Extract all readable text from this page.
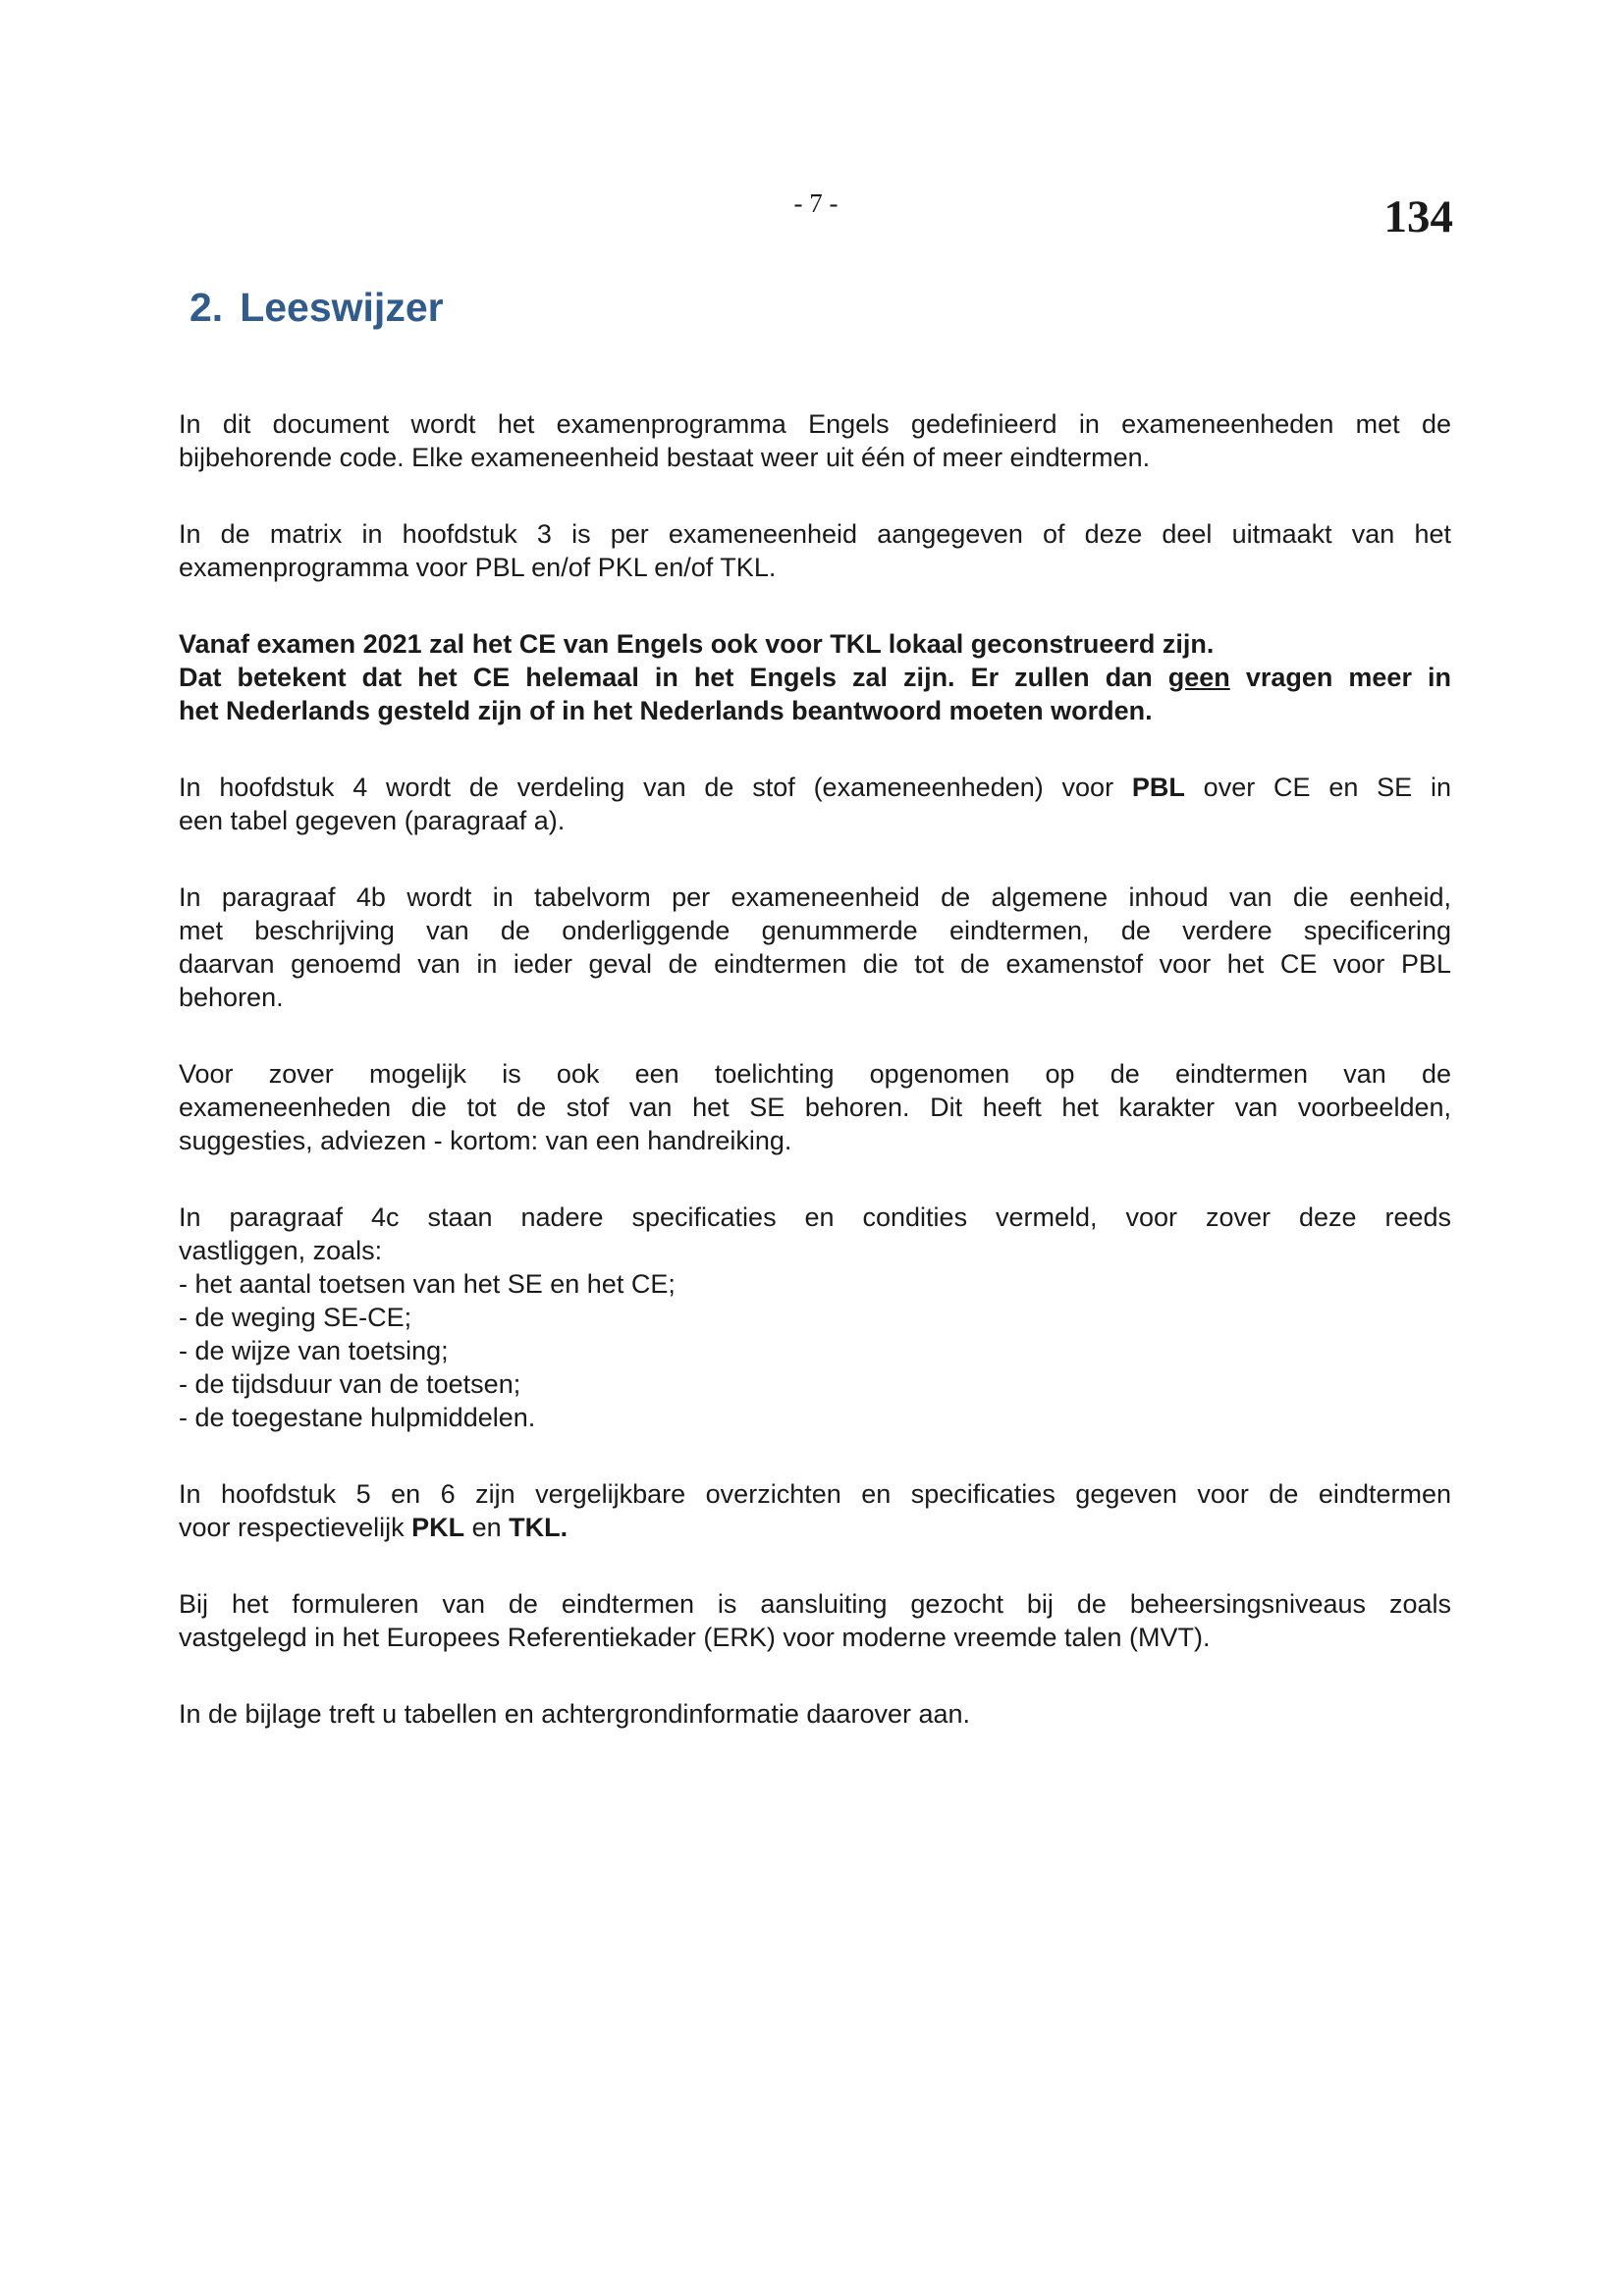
- 7 -	134
2. Leeswijzer

In dit document wordt het examenprogramma Engels gedefinieerd in exameneenheden met de
bijbehorende code. Elke exameneenheid bestaat weer uit één of meer eindtermen.

In de matrix in hoofdstuk 3 is per exameneenheid aangegeven of deze deel uitmaakt van het
examenprogramma voor PBL en/of PKL en/of TKL.

Vanaf examen 2021 zal het CE van Engels ook voor TKL lokaal geconstrueerd zijn.
Dat betekent dat het CE helemaal in het Engels zal zijn. Er zullen dan geen vragen meer in
het Nederlands gesteld zijn of in het Nederlands beantwoord moeten worden.

In hoofdstuk 4 wordt de verdeling van de stof (exameneenheden) voor PBL over CE en SE in
een tabel gegeven (paragraaf a).

In paragraaf 4b wordt in tabelvorm per exameneenheid de algemene inhoud van die eenheid,
met beschrijving van de onderliggende genummerde eindtermen, de verdere specificering
daarvan genoemd van in ieder geval de eindtermen die tot de examenstof voor het CE voor PBL
behoren.

Voor zover mogelijk is ook een toelichting opgenomen op de eindtermen van de
exameneenheden die tot de stof van het SE behoren. Dit heeft het karakter van voorbeelden,
suggesties, adviezen - kortom: van een handreiking.

In paragraaf 4c staan nadere specificaties en condities vermeld, voor zover deze reeds
vastliggen, zoals:
- het aantal toetsen van het SE en het CE;
- de weging SE-CE;
- de wijze van toetsing;
- de tijdsduur van de toetsen;
- de toegestane hulpmiddelen.

In hoofdstuk 5 en 6 zijn vergelijkbare overzichten en specificaties gegeven voor de eindtermen
voor respectievelijk PKL en TKL.

Bij het formuleren van de eindtermen is aansluiting gezocht bij de beheersingsniveaus zoals
vastgelegd in het Europees Referentiekader (ERK) voor moderne vreemde talen (MVT).

In de bijlage treft u tabellen en achtergrondinformatie daarover aan.
